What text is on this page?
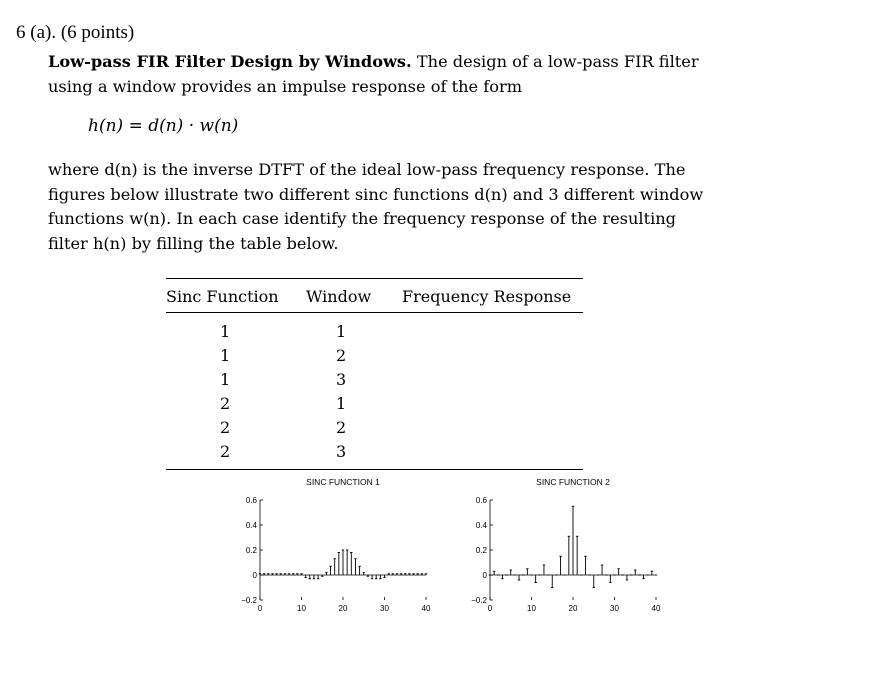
6 (a). (6 points)
Low-pass FIR Filter Design by Windows. The design of a low-pass FIR filter using a window provides an impulse response of the form
h(n) = d(n) · w(n)
where d(n) is the inverse DTFT of the ideal low-pass frequency response. The figures below illustrate two different sinc functions d(n) and 3 different window functions w(n). In each case identify the frequency response of the resulting filter h(n) by filling the table below.
Sinc Function	Window	Frequency Response
1	1	
1	2	
1	3	
2	1	
2	2	
2	3	
SINC FUNCTION 1
−0.2
0
0.2
0.4
0.6
0	10	20	30	40
SINC FUNCTION 2
−0.2
0
0.2
0.4
0.6
0	10	20	30	40
